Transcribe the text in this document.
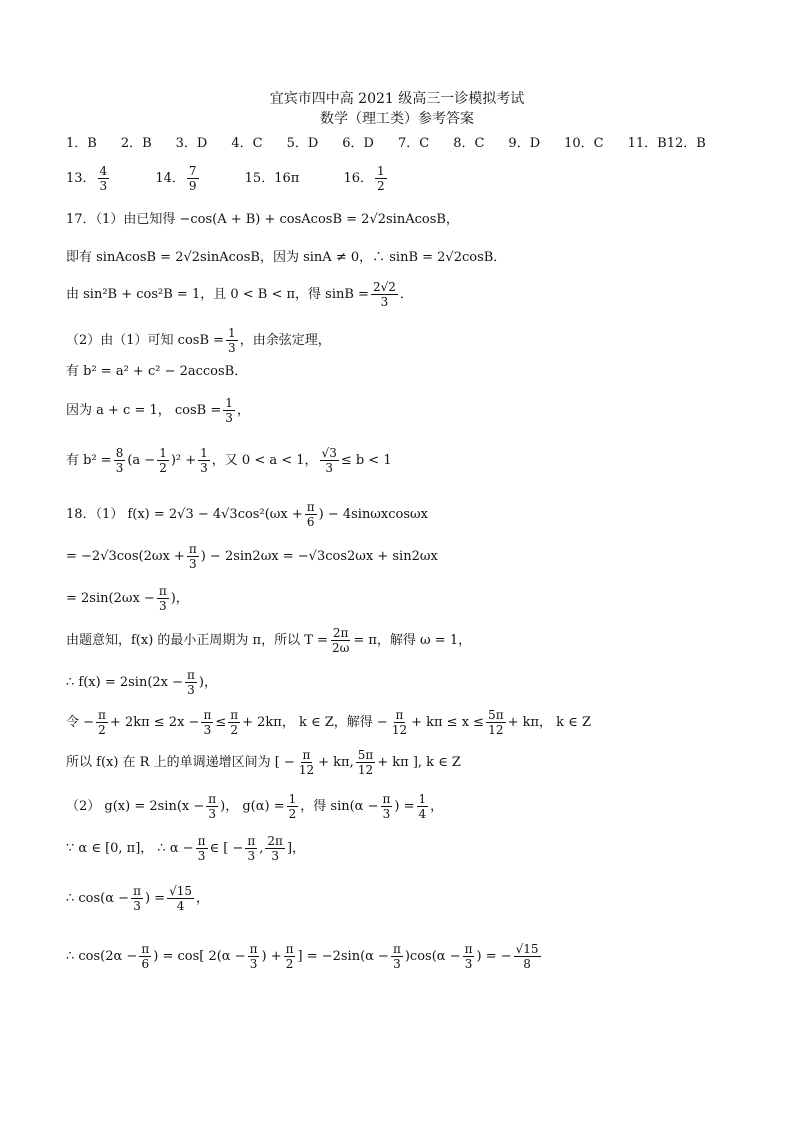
宜宾市四中高 2021 级高三一诊模拟考试
数学（理工类）参考答案
1．B 2．B 3．D 4．C 5．D 6．D 7．C 8．C 9．D 10．C 11．B12．B
13． $\frac{4}{3}$	14． $\frac{7}{9}$	15．16π	16． $\frac{1}{2}$
17．（1）由已知得 −cos(A + B) + cosAcosB = 2√2sinAcosB，
即有 sinAcosB = 2√2sinAcosB，因为 sinA ≠ 0，∴ sinB = 2√2cosB．
由 sin²B + cos²B = 1，且 0 < B < π，得 $\sin B = \frac{2√2}{3}$ ．
（2）由（1）可知 $\cos B = \frac{1}{3}$ ，由余弦定理，
有 b² = a² + c² − 2accosB．
因为 a + c = 1， $\cos B = \frac{1}{3}$ ，
有 $b^2 = \frac{8}{3} (a - \frac{1}{2} )^2 + \frac{1}{3}$ ，又 0 < a < 1， $\frac{√3}{3} \le b < 1$
18．（1） $f(x) = 2√3 - 4√3\cos^2(\omega x + \frac{\pi}{6}$ ) − 4sinωxcosωx
= $-2√3\cos(2\omega x + \frac{\pi}{3}$ ) − 2sin2ωx = −√3cos2ωx + sin2ωx
= $2\sin(2\omega x - \frac{\pi}{3}$ )，
由题意知，f(x) 的最小正周期为 π，所以 $T = \frac{2\pi}{2\omega} = \pi$，解得 ω = 1，
∴ $f(x) = 2\sin(2x - \frac{\pi}{3}$ )，
令 − $\frac{\pi}{2} + 2k\pi \le 2x - \frac{\pi}{3} \le \frac{\pi}{2} + 2k\pi$， k ∈ Z，解得 − $\frac{\pi}{12} + k\pi \le x \le \frac{5\pi}{12} + k\pi$， k ∈ Z
所以 f(x) 在 R 上的单调递增区间为 [ − $\frac{\pi}{12} + k\pi$, $\frac{5\pi}{12} + k\pi$ ], k ∈ Z
（2） $g(x) = 2\sin(x - \frac{\pi}{3}$ )， $g(\alpha) = \frac{1}{2}$ ，得 $\sin(\alpha - \frac{\pi}{3}$ ) = $\frac{1}{4}$ ，
∵ α ∈ [0, π]， ∴ $\alpha - \frac{\pi}{3}$ ∈ [ − $\frac{\pi}{3}$ , $\frac{2\pi}{3}$ ]，
∴ $\cos(\alpha - \frac{\pi}{3}$ ) = $\frac{√15}{4}$ ，
∴ $\cos(2\alpha - \frac{\pi}{6}$ ) = cos[ $2(\alpha - \frac{\pi}{3}$ ) + $\frac{\pi}{2}$ ] = $-2\sin(\alpha - \frac{\pi}{3} )\cos(\alpha - \frac{\pi}{3}$ ) = − $\frac{√15}{8}$
